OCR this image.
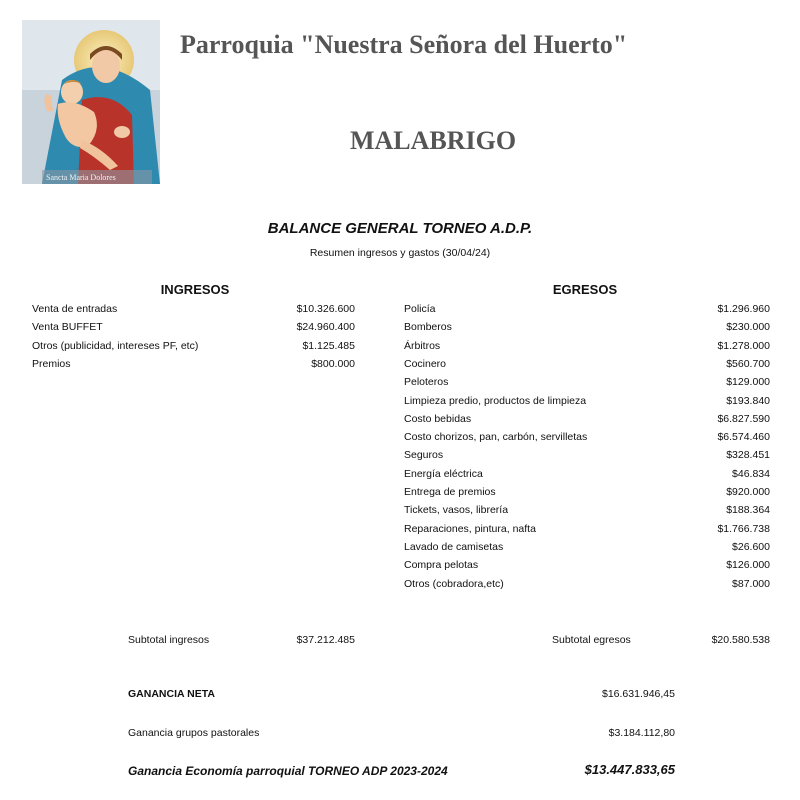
Sancta Maria Dolores
Parroquia "Nuestra Señora del Huerto"
MALABRIGO
BALANCE GENERAL TORNEO A.D.P.
Resumen ingresos y gastos (30/04/24)
INGRESOS	EGRESOS
Venta de entradas	$10.326.600
Venta BUFFET	$24.960.400
Otros (publicidad, intereses PF, etc)	$1.125.485
Premios	$800.000
Policía	$1.296.960
Bomberos	$230.000
Árbitros	$1.278.000
Cocinero	$560.700
Peloteros	$129.000
Limpieza predio, productos de limpieza	$193.840
Costo bebidas	$6.827.590
Costo chorizos, pan, carbón, servilletas	$6.574.460
Seguros	$328.451
Energía eléctrica	$46.834
Entrega de premios	$920.000
Tickets, vasos, librería	$188.364
Reparaciones, pintura, nafta	$1.766.738
Lavado de camisetas	$26.600
Compra pelotas	$126.000
Otros (cobradora,etc)	$87.000
Subtotal ingresos	$37.212.485	Subtotal egresos	$20.580.538
GANANCIA NETA	$16.631.946,45
Ganancia grupos pastorales	$3.184.112,80
Ganancia Economía parroquial TORNEO ADP 2023-2024	$13.447.833,65
